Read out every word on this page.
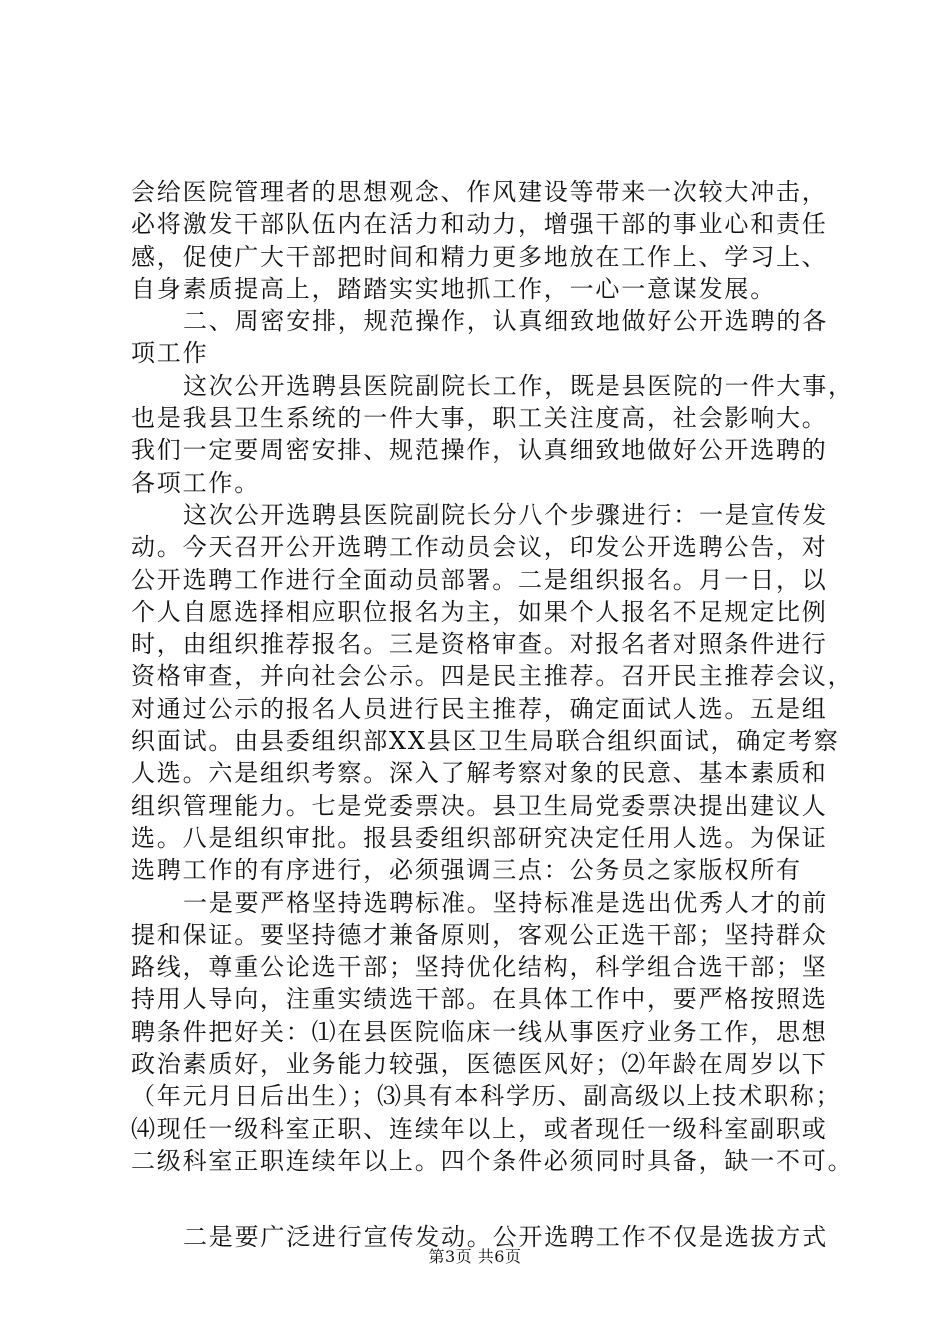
会给医院管理者的思想观念、作风建设等带来一次较大冲击，
必将激发干部队伍内在活力和动力，增强干部的事业心和责任
感，促使广大干部把时间和精力更多地放在工作上、学习上、
自身素质提高上，踏踏实实地抓工作，一心一意谋发展。
二、周密安排，规范操作，认真细致地做好公开选聘的各
项工作
这次公开选聘县医院副院长工作，既是县医院的一件大事，
也是我县卫生系统的一件大事，职工关注度高，社会影响大。
我们一定要周密安排、规范操作，认真细致地做好公开选聘的
各项工作。
这次公开选聘县医院副院长分八个步骤进行：一是宣传发
动。今天召开公开选聘工作动员会议，印发公开选聘公告，对
公开选聘工作进行全面动员部署。二是组织报名。月一日，以
个人自愿选择相应职位报名为主，如果个人报名不足规定比例
时，由组织推荐报名。三是资格审查。对报名者对照条件进行
资格审查，并向社会公示。四是民主推荐。召开民主推荐会议，
对通过公示的报名人员进行民主推荐，确定面试人选。五是组
织面试。由县委组织部XX县区卫生局联合组织面试，确定考察
人选。六是组织考察。深入了解考察对象的民意、基本素质和
组织管理能力。七是党委票决。县卫生局党委票决提出建议人
选。八是组织审批。报县委组织部研究决定任用人选。为保证
选聘工作的有序进行，必须强调三点：公务员之家版权所有
一是要严格坚持选聘标准。坚持标准是选出优秀人才的前
提和保证。要坚持德才兼备原则，客观公正选干部；坚持群众
路线，尊重公论选干部；坚持优化结构，科学组合选干部；坚
持用人导向，注重实绩选干部。在具体工作中，要严格按照选
聘条件把好关：⑴在县医院临床一线从事医疗业务工作，思想
政治素质好，业务能力较强，医德医风好；⑵年龄在周岁以下
（年元月日后出生）；⑶具有本科学历、副高级以上技术职称；
⑷现任一级科室正职、连续年以上，或者现任一级科室副职或
二级科室正职连续年以上。四个条件必须同时具备，缺一不可。
二是要广泛进行宣传发动。公开选聘工作不仅是选拔方式
第3页 共6页
